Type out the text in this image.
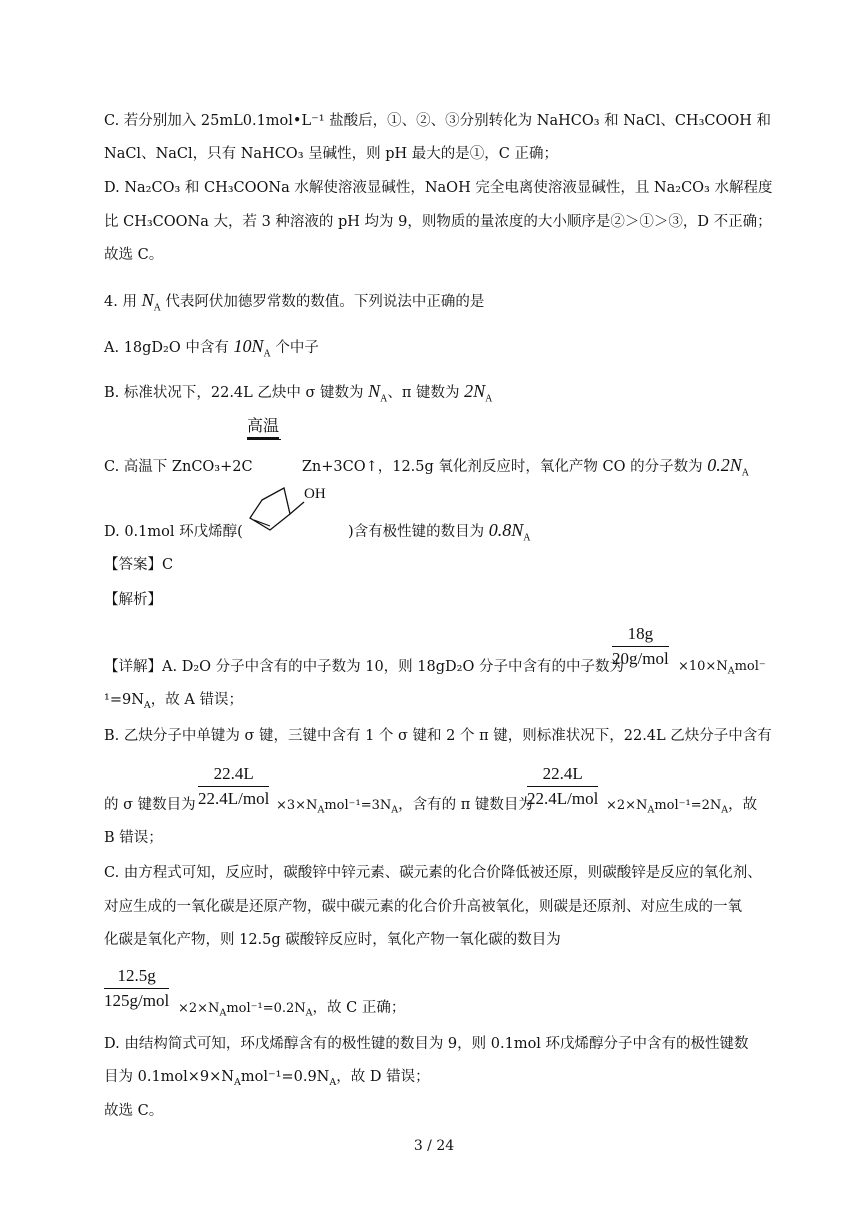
C. 若分别加入 25mL0.1mol•L⁻¹ 盐酸后，①、②、③分别转化为 NaHCO₃ 和 NaCl、CH₃COOH 和
NaCl、NaCl，只有 NaHCO₃ 呈碱性，则 pH 最大的是①，C 正确；
D. Na₂CO₃ 和 CH₃COONa 水解使溶液显碱性，NaOH 完全电离使溶液显碱性，且 Na₂CO₃ 水解程度
比 CH₃COONa 大，若 3 种溶液的 pH 均为 9，则物质的量浓度的大小顺序是②＞①＞③，D 不正确；
故选 C。
4. 用 $N_A$ 代表阿伏加德罗常数的数值。下列说法中正确的是
A. 18gD₂O 中含有 $10N_A$ 个中子
B. 标准状况下，22.4L 乙炔中 σ 键数为 $N_A$、π 键数为 $2N_A$
高温
C. 高温下 ZnCO₃+2C	Zn+3CO↑，12.5g 氧化剂反应时，氧化产物 CO 的分子数为 $0.2N_A$
OH
D. 0.1mol 环戊烯醇(	)含有极性键的数目为 $0.8N_A$
【答案】C
【解析】
18g
20g/mol
【详解】A. D₂O 分子中含有的中子数为 10，则 18gD₂O 分子中含有的中子数为	$\times 10\times N_Amol^-$
$^1=9N_A$，故 A 错误；
B. 乙炔分子中单键为 σ 键，三键中含有 1 个 σ 键和 2 个 π 键，则标准状况下，22.4L 乙炔分子中含有
22.4L
22.4L/mol
22.4L
22.4L/mol
的 σ 键数目为	$\times 3\times N_Amol^{-1}=3N_A$，含有的 π 键数目为	$\times 2\times N_Amol^{-1}=2N_A$，故
B 错误；
C. 由方程式可知，反应时，碳酸锌中锌元素、碳元素的化合价降低被还原，则碳酸锌是反应的氧化剂、
对应生成的一氧化碳是还原产物，碳中碳元素的化合价升高被氧化，则碳是还原剂、对应生成的一氧
化碳是氧化产物，则 12.5g 碳酸锌反应时，氧化产物一氧化碳的数目为
12.5g
$125g/mol \times 2\times N_Amol^{-1}=0.2N_A$，故 C 正确；
D. 由结构简式可知，环戊烯醇含有的极性键的数目为 9，则 0.1mol 环戊烯醇分子中含有的极性键数
目为 $0.1mol\times 9\times N_Amol^{-1}=0.9N_A$，故 D 错误；
故选 C。
3 / 24
